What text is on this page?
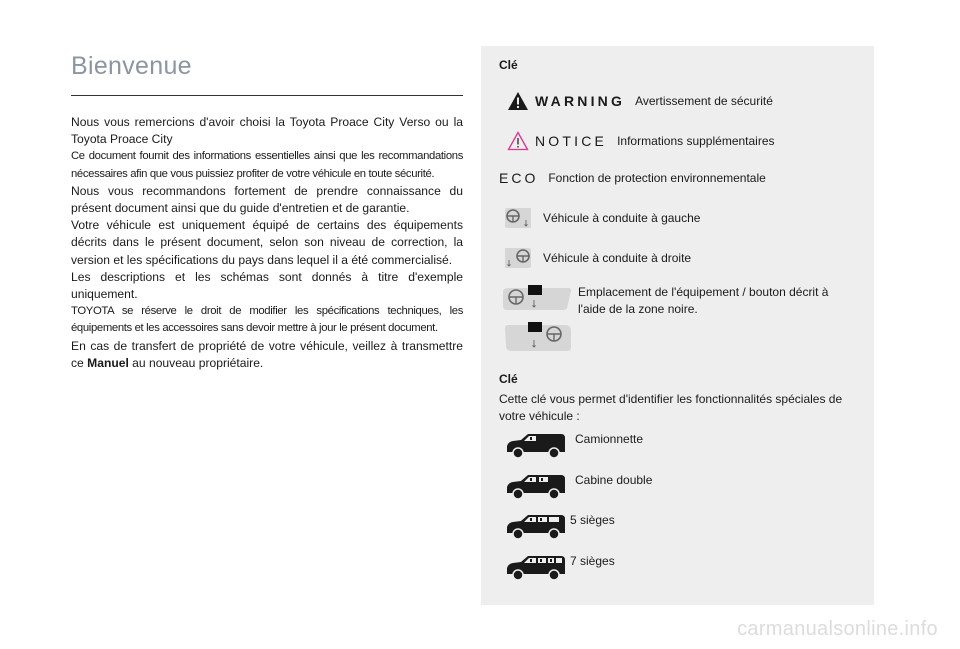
Bienvenue

Nous vous remercions d'avoir choisi la Toyota Proace City Verso ou la Toyota Proace City

Ce document fournit des informations essentielles ainsi que les recommandations nécessaires afin que vous puissiez profiter de votre véhicule en toute sécurité.

Nous vous recommandons fortement de prendre connaissance du présent document ainsi que du guide d'entretien et de garantie.

Votre véhicule est uniquement équipé de certains des équipements décrits dans le présent document, selon son niveau de correction, la version et les spécifications du pays dans lequel il a été commercialisé.

Les descriptions et les schémas sont donnés à titre d'exemple uniquement.

TOYOTA se réserve le droit de modifier les spécifications techniques, les équipements et les accessoires sans devoir mettre à jour le présent document.

En cas de transfert de propriété de votre véhicule, veillez à transmettre ce Manuel au nouveau propriétaire.

Clé
WARNING Avertissement de sécurité
NOTICE Informations supplémentaires
ECO Fonction de protection environnementale
Véhicule à conduite à gauche
Véhicule à conduite à droite
Emplacement de l'équipement / bouton décrit à l'aide de la zone noire.
Clé
Cette clé vous permet d'identifier les fonctionnalités spéciales de votre véhicule :
Camionnette
Cabine double
5 sièges
7 sièges
carmanualsonline.info
